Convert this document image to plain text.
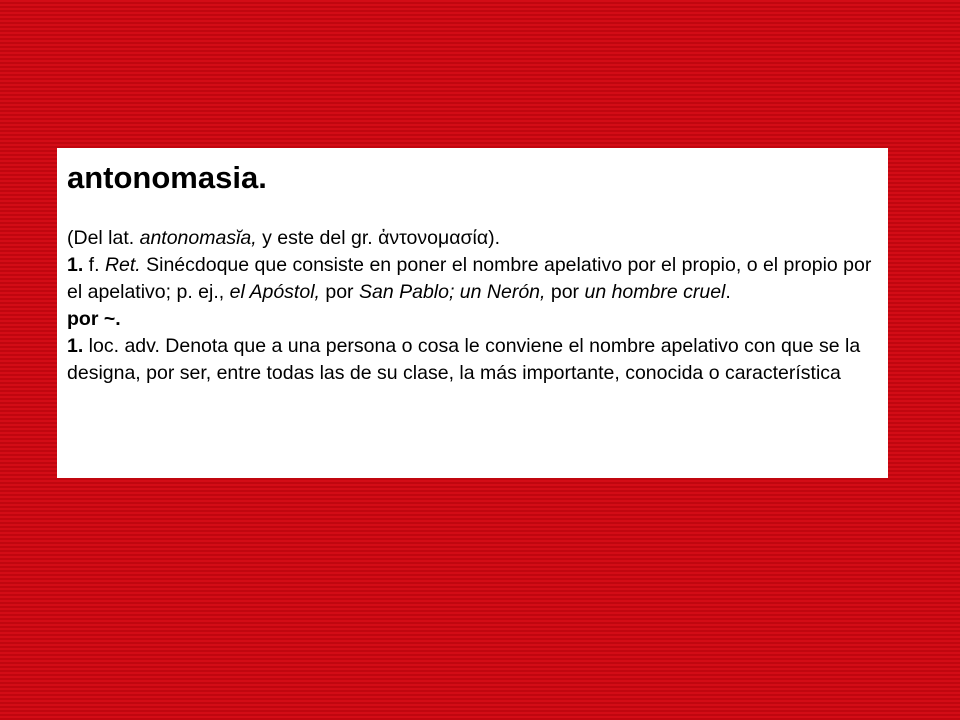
antonomasia.
(Del lat. antonomasĭa, y este del gr. ἀντονομασία).
1. f. Ret. Sinécdoque que consiste en poner el nombre apelativo por el propio, o el propio por el apelativo; p. ej., el Apóstol, por San Pablo; un Nerón, por un hombre cruel.
por ~.
1. loc. adv. Denota que a una persona o cosa le conviene el nombre apelativo con que se la designa, por ser, entre todas las de su clase, la más importante, conocida o característica
